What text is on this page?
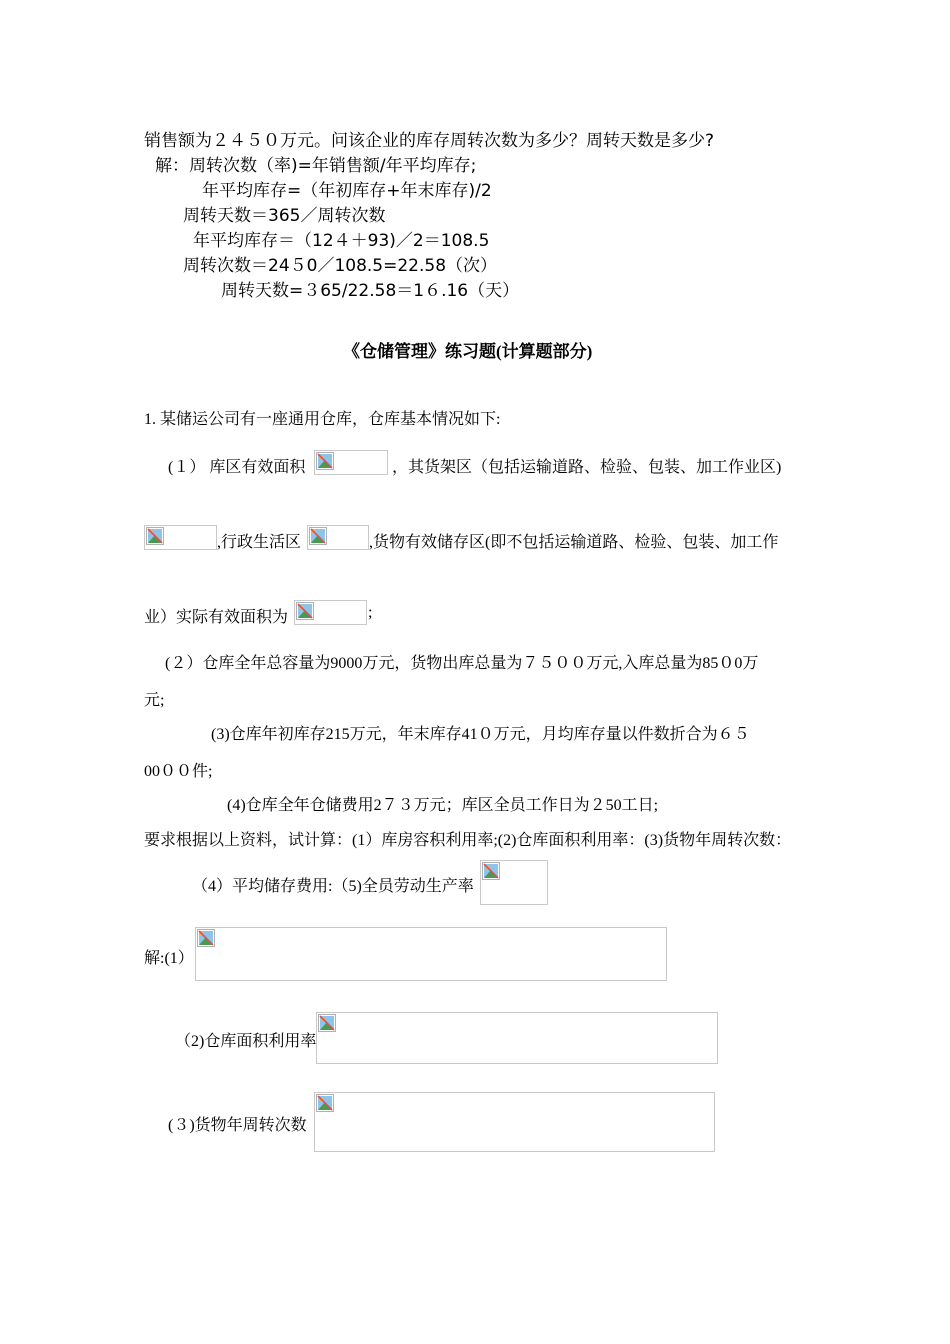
销售额为２４５０万元。问该企业的库存周转次数为多少？周转天数是多少?
解：周转次数（率)=年销售额/年平均库存;
年平均库存=（年初库存+年末库存)/2
周转天数＝365／周转次数
年平均库存＝（12４＋93)／2＝108.5
周转次数＝24５0／108.5=22.58（次）
周转天数=３65/22.58＝1６.16（天）
《仓储管理》练习题(计算题部分)
1. 某储运公司有一座通用仓库，仓库基本情况如下:
(１） 库区有效面积	，其货架区（包括运输道路、检验、包装、加工作业区)
,行政生活区	,货物有效储存区(即不包括运输道路、检验、包装、加工作
业）实际有效面积为	;
(２）仓库全年总容量为9000万元，货物出库总量为７５００万元,入库总量为85０0万
元;
(3)仓库年初库存215万元，年末库存41０万元，月均库存量以件数折合为６５
00００件;
(4)仓库全年仓储费用2７３万元；库区全员工作日为２50工日;
要求根据以上资料，试计算：(1）库房容积利用率;(2)仓库面积利用率：(3)货物年周转次数：
（4）平均储存费用:（5)全员劳动生产率
解:(1）
（2)仓库面积利用率
(３)货物年周转次数
